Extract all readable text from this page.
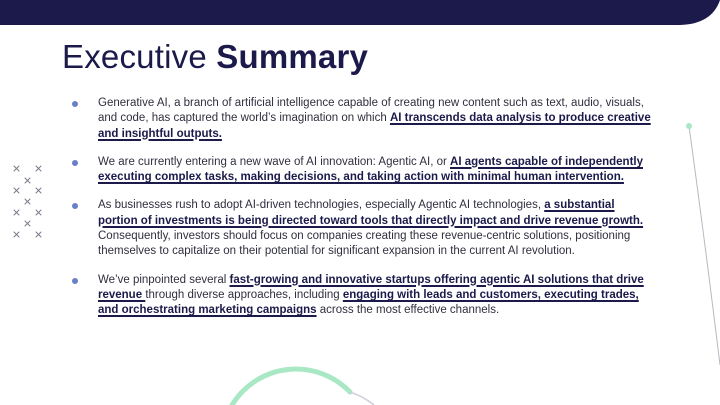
Executive Summary
Generative AI, a branch of artificial intelligence capable of creating new content such as text, audio, visuals, and code, has captured the world’s imagination on which AI transcends data analysis to produce creative and insightful outputs.
We are currently entering a new wave of AI innovation: Agentic AI, or AI agents capable of independently executing complex tasks, making decisions, and taking action with minimal human intervention.
As businesses rush to adopt AI-driven technologies, especially Agentic AI technologies, a substantial portion of investments is being directed toward tools that directly impact and drive revenue growth. Consequently, investors should focus on companies creating these revenue-centric solutions, positioning themselves to capitalize on their potential for significant expansion in the current AI revolution.
We’ve pinpointed several fast-growing and innovative startups offering agentic AI solutions that drive revenue through diverse approaches, including engaging with leads and customers, executing trades, and orchestrating marketing campaigns across the most effective channels.
